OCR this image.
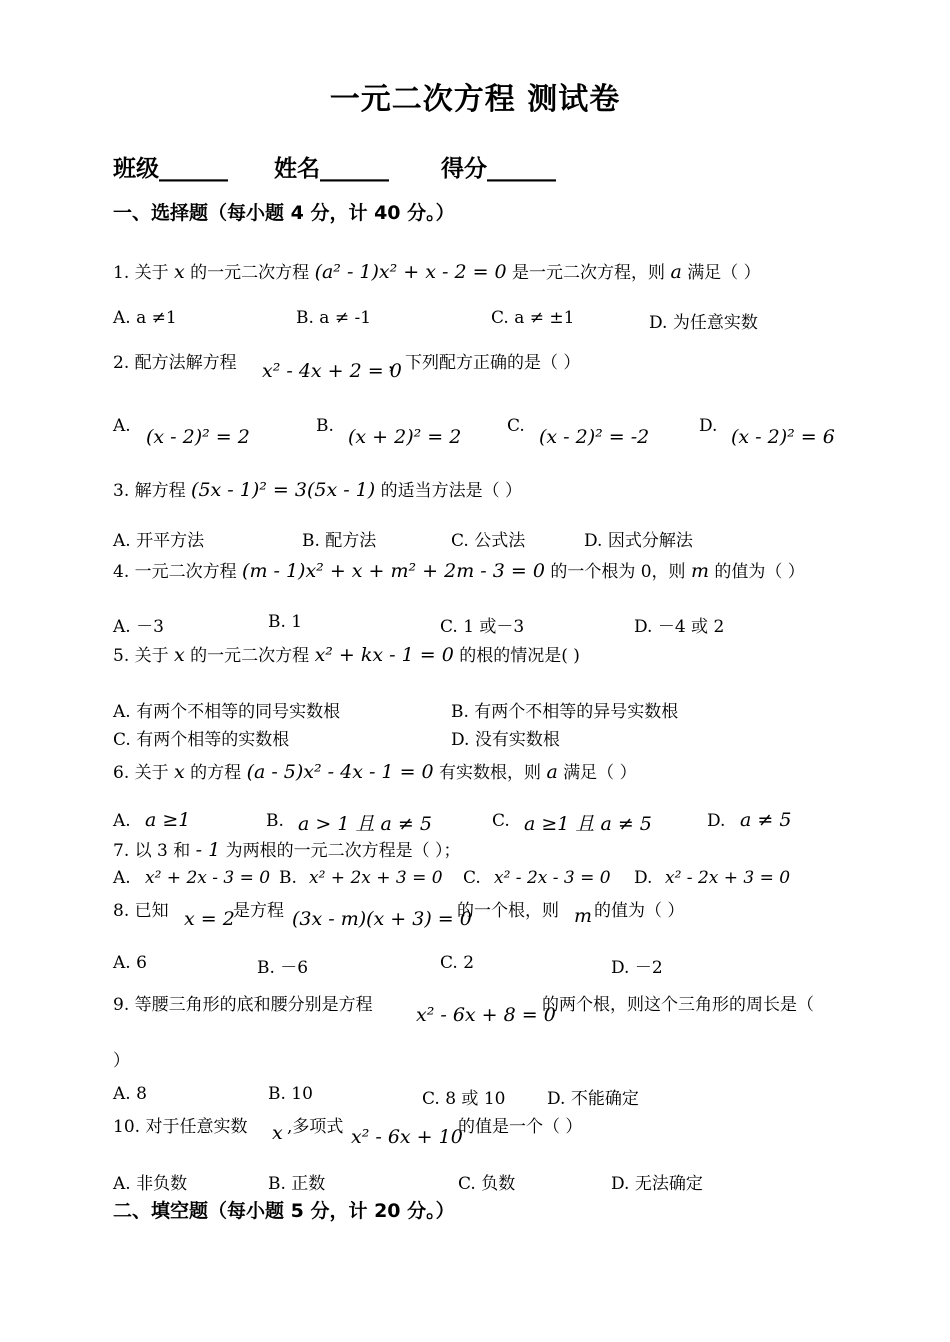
一元二次方程 测试卷
班级______ 姓名______ 得分______
一、选择题（每小题 4 分，计 40 分。）
1. 关于 x 的一元二次方程 (a² - 1)x² + x - 2 = 0 是一元二次方程，则 a 满足（ ）
A. a ≠1	B. a ≠ -1	C. a ≠ ±1	D. 为任意实数
2. 配方法解方程 x² - 4x + 2 = 0
，下列配方正确的是（ ）
A. (x - 2)² = 2	B. (x + 2)² = 2	C. (x - 2)² = -2	D. (x - 2)² = 6
3. 解方程 (5x - 1)² = 3(5x - 1) 的适当方法是（ ）
A. 开平方法	B. 配方法	C. 公式法	D. 因式分解法
4. 一元二次方程 (m - 1)x² + x + m² + 2m - 3 = 0 的一个根为 0，则 m 的值为（ ）
A. －3	B. 1	C. 1 或－3	D. －4 或 2
5. 关于 x 的一元二次方程 x² + kx - 1 = 0 的根的情况是( )
A. 有两个不相等的同号实数根	B. 有两个不相等的异号实数根
C. 有两个相等的实数根	D. 没有实数根
6. 关于 x 的方程 (a - 5)x² - 4x - 1 = 0 有实数根，则 a 满足（ ）
A. a ≥1	B. a > 1 且 a ≠ 5	C. a ≥1 且 a ≠ 5	D. a ≠ 5
7. 以 3 和 - 1 为两根的一元二次方程是（ ）；
A. x² + 2x - 3 = 0 B. x² + 2x + 3 = 0 C. x² - 2x - 3 = 0 D. x² - 2x + 3 = 0
8. 已知 x = 2
是方程 (3x - m)(x + 3) = 0
的一个根，则 m 的值为（ ）
A. 6	B. －6	C. 2	D. －2
9. 等腰三角形的底和腰分别是方程 x² - 6x + 8 = 0
的两个根，则这个三角形的周长是（
）
A. 8	B. 10	C. 8 或 10 D. 不能确定
10. 对于任意实数 x ,多项式 x² - 6x + 10
的值是一个（ ）
A. 非负数	B. 正数	C. 负数	D. 无法确定
二、填空题（每小题 5 分，计 20 分。）
